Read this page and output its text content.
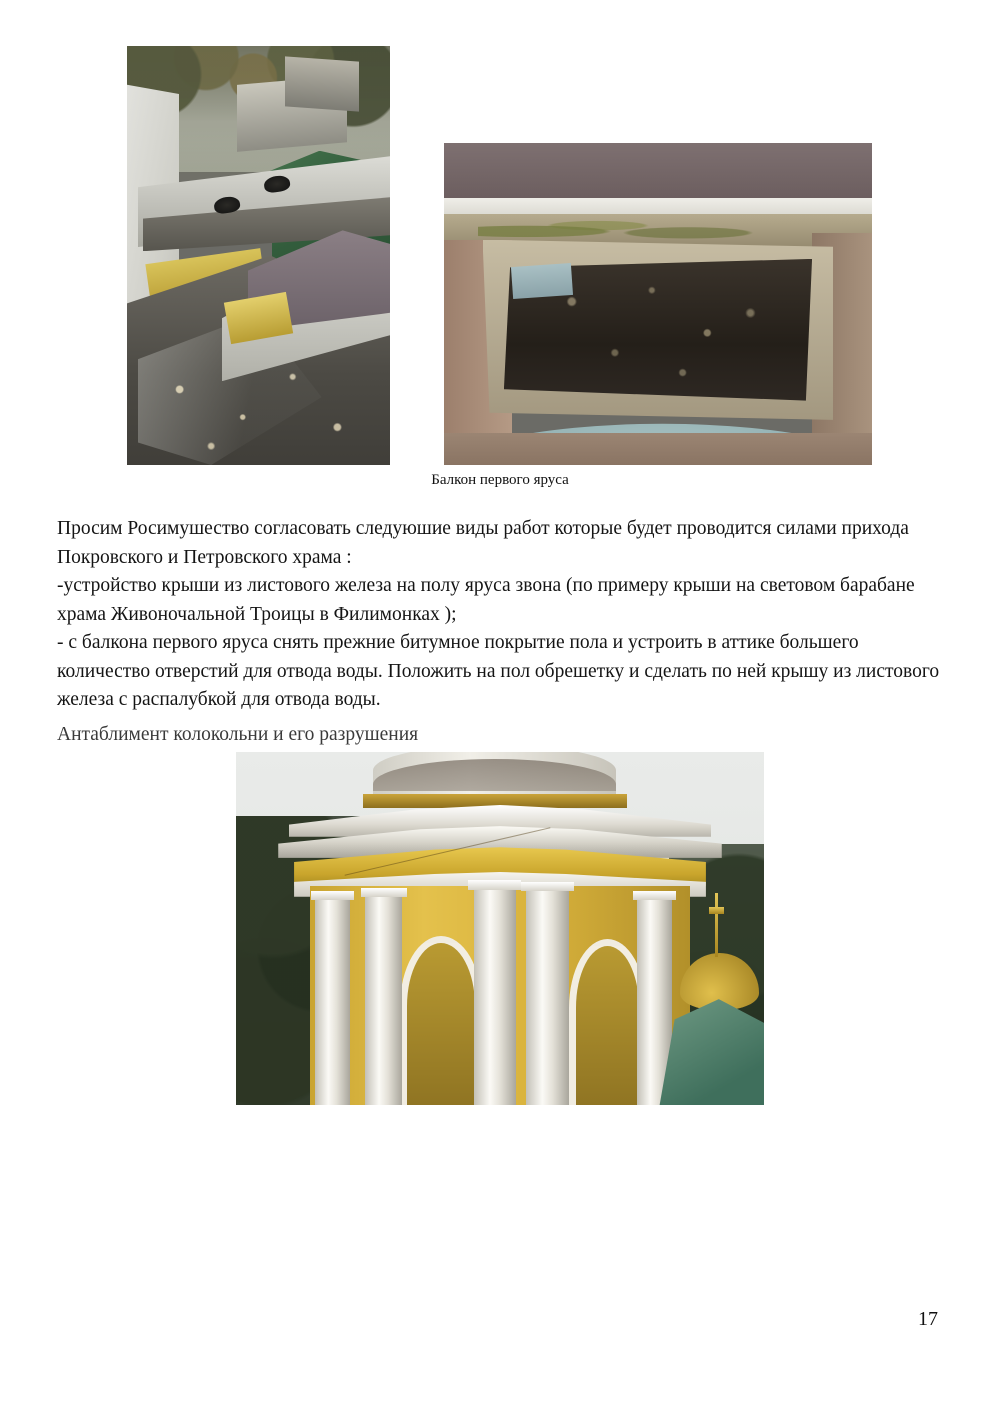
Балкон первого яруса

Просим Росимушество согласовать следуюшие виды работ которые будет проводится силами прихода Покровского и Петровского храма :

-устройство крыши из листового железа на полу яруса звона (по примеру крыши на световом барабане храма Живоночальной Троицы в Филимонках );

- с балкона первого яруса снять прежние битумное покрытие пола и устроить в аттике большего количество отверстий для отвода воды. Положить на пол обрешетку и сделать по ней крышу из листового железа с распалубкой для отвода воды.

Антаблимент колокольни и его разрушения
17
